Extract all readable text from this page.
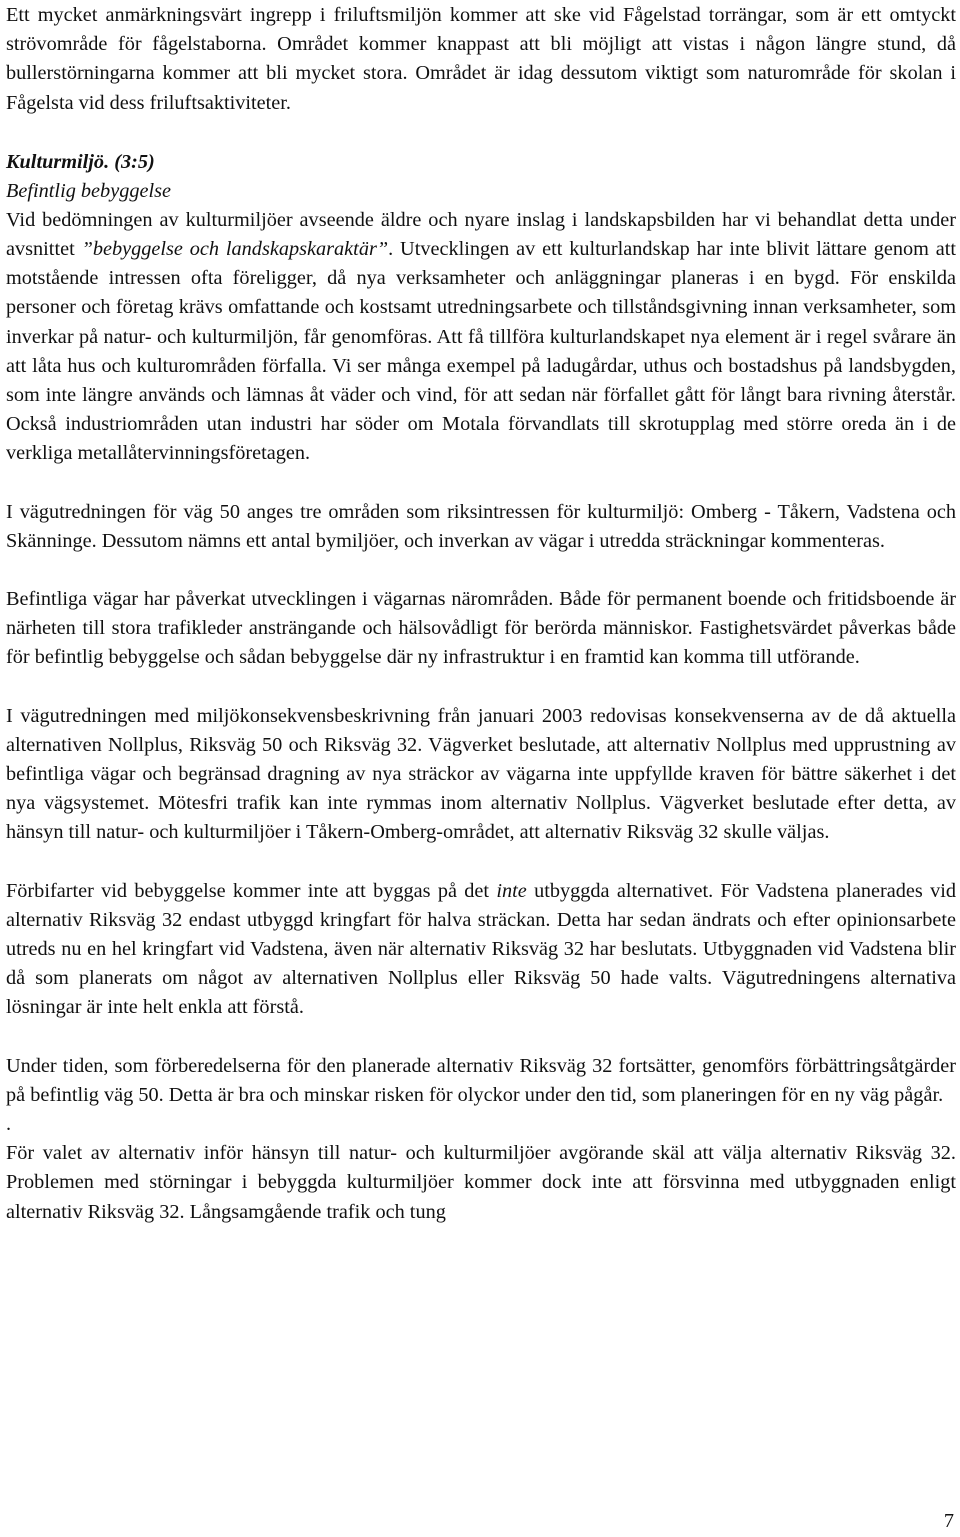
Ett mycket anmärkningsvärt ingrepp i friluftsmiljön kommer att ske vid Fågelstad torrängar, som är ett omtyckt strövområde för fågelstaborna. Området kommer knappast att bli möjligt att vistas i någon längre stund, då bullerstörningarna kommer att bli mycket stora. Området är idag dessutom viktigt som naturområde för skolan i Fågelsta vid dess friluftsaktiviteter.

Kulturmiljö. (3:5)
Befintlig bebyggelse

Vid bedömningen av kulturmiljöer avseende äldre och nyare inslag i landskapsbilden har vi behandlat detta under avsnittet ”bebyggelse och landskapskaraktär”. Utvecklingen av ett kulturlandskap har inte blivit lättare genom att motstående intressen ofta föreligger, då nya verksamheter och anläggningar planeras i en bygd. För enskilda personer och företag krävs omfattande och kostsamt utredningsarbete och tillståndsgivning innan verksamheter, som inverkar på natur- och kulturmiljön, får genomföras. Att få tillföra kulturlandskapet nya element är i regel svårare än att låta hus och kulturområden förfalla. Vi ser många exempel på ladugårdar, uthus och bostadshus på landsbygden, som inte längre används och lämnas åt väder och vind, för att sedan när förfallet gått för långt bara rivning återstår. Också industriområden utan industri har söder om Motala förvandlats till skrotupplag med större oreda än i de verkliga metallåtervinningsföretagen.

I vägutredningen för väg 50 anges tre områden som riksintressen för kulturmiljö: Omberg - Tåkern, Vadstena och Skänninge. Dessutom nämns ett antal bymiljöer, och inverkan av vägar i utredda sträckningar kommenteras.

Befintliga vägar har påverkat utvecklingen i vägarnas närområden. Både för permanent boende och fritidsboende är närheten till stora trafikleder ansträngande och hälsovådligt för berörda människor. Fastighetsvärdet påverkas både för befintlig bebyggelse och sådan bebyggelse där ny infrastruktur i en framtid kan komma till utförande.

I vägutredningen med miljökonsekvensbeskrivning från januari 2003 redovisas konsekvenserna av de då aktuella alternativen Nollplus, Riksväg 50 och Riksväg 32. Vägverket beslutade, att alternativ Nollplus med upprustning av befintliga vägar och begränsad dragning av nya sträckor av vägarna inte uppfyllde kraven för bättre säkerhet i det nya vägsystemet. Mötesfri trafik kan inte rymmas inom alternativ Nollplus. Vägverket beslutade efter detta, av hänsyn till natur- och kulturmiljöer i Tåkern-Omberg-området, att alternativ Riksväg 32 skulle väljas.

Förbifarter vid bebyggelse kommer inte att byggas på det inte utbyggda alternativet. För Vadstena planerades vid alternativ Riksväg 32 endast utbyggd kringfart för halva sträckan. Detta har sedan ändrats och efter opinionsarbete utreds nu en hel kringfart vid Vadstena, även när alternativ Riksväg 32 har beslutats. Utbyggnaden vid Vadstena blir då som planerats om något av alternativen Nollplus eller Riksväg 50 hade valts. Vägutredningens alternativa lösningar är inte helt enkla att förstå.

Under tiden, som förberedelserna för den planerade alternativ Riksväg 32 fortsätter, genomförs förbättringsåtgärder på befintlig väg 50. Detta är bra och minskar risken för olyckor under den tid, som planeringen för en ny väg pågår.

.

För valet av alternativ inför hänsyn till natur- och kulturmiljöer avgörande skäl att välja alternativ Riksväg 32. Problemen med störningar i bebyggda kulturmiljöer kommer dock inte att försvinna med utbyggnaden enligt alternativ Riksväg 32. Långsamgående trafik och tung

7
